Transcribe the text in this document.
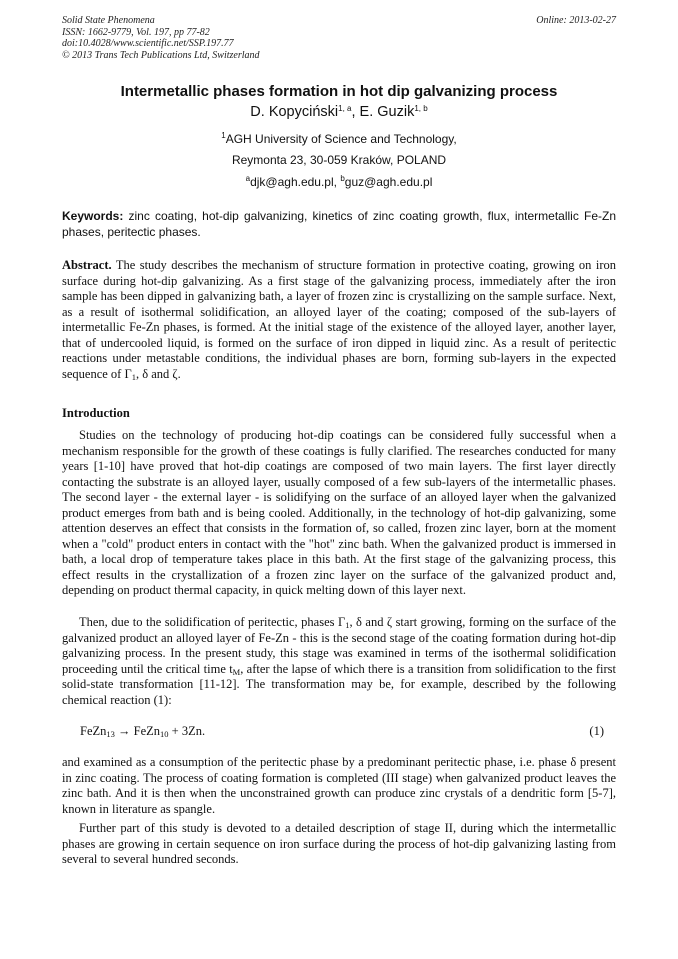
Solid State Phenomena
ISSN: 1662-9779, Vol. 197, pp 77-82
doi:10.4028/www.scientific.net/SSP.197.77
© 2013 Trans Tech Publications Ltd, Switzerland
Online: 2013-02-27
Intermetallic phases formation in hot dip galvanizing process
D. Kopyciński$^{1, a}$, E. Guzik$^{1, b}$
$^1$AGH University of Science and Technology,
Reymonta 23, 30-059 Kraków, POLAND
$^a$djk@agh.edu.pl, $^b$guz@agh.edu.pl
Keywords: zinc coating, hot-dip galvanizing, kinetics of zinc coating growth, flux, intermetallic Fe-Zn phases, peritectic phases.
Abstract. The study describes the mechanism of structure formation in protective coating, growing on iron surface during hot-dip galvanizing. As a first stage of the galvanizing process, immediately after the iron sample has been dipped in galvanizing bath, a layer of frozen zinc is crystallizing on the sample surface. Next, as a result of isothermal solidification, an alloyed layer of the coating; composed of the sub-layers of intermetallic Fe-Zn phases, is formed. At the initial stage of the existence of the alloyed layer, another layer, that of undercooled liquid, is formed on the surface of iron dipped in liquid zinc. As a result of peritectic reactions under metastable conditions, the individual phases are born, forming sub-layers in the expected sequence of $\Gamma_1$, δ and ζ.
Introduction
Studies on the technology of producing hot-dip coatings can be considered fully successful when a mechanism responsible for the growth of these coatings is fully clarified. The researches conducted for many years [1-10] have proved that hot-dip coatings are composed of two main layers. The first layer directly contacting the substrate is an alloyed layer, usually composed of a few sub-layers of the intermetallic phases. The second layer - the external layer - is solidifying on the surface of an alloyed layer when the galvanized product emerges from bath and is being cooled. Additionally, in the technology of hot-dip galvanizing, some attention deserves an effect that consists in the formation of, so called, frozen zinc layer, born at the moment when a "cold" product enters in contact with the "hot" zinc bath. When the galvanized product is immersed in bath, a local drop of temperature takes place in this bath. At the first stage of the galvanizing process, this effect results in the crystallization of a frozen zinc layer on the surface of the galvanized product and, depending on product thermal capacity, in quick melting down of this layer next.
Then, due to the solidification of peritectic, phases $\Gamma_1$, δ and ζ start growing, forming on the surface of the galvanized product an alloyed layer of Fe-Zn - this is the second stage of the coating formation during hot-dip galvanizing process. In the present study, this stage was examined in terms of the isothermal solidification proceeding until the critical time $t_M$, after the lapse of which there is a transition from solidification to the first solid-state transformation [11-12]. The transformation may be, for example, described by the following chemical reaction (1):
FeZn$_{13}$ → FeZn$_{10}$ + 3Zn.	(1)
and examined as a consumption of the peritectic phase by a predominant peritectic phase, i.e. phase δ present in zinc coating. The process of coating formation is completed (III stage) when galvanized product leaves the zinc bath. And it is then when the unconstrained growth can produce zinc crystals of a dendritic form [5-7], known in literature as spangle.
Further part of this study is devoted to a detailed description of stage II, during which the intermetallic phases are growing in certain sequence on iron surface during the process of hot-dip galvanizing lasting from several to several hundred seconds.
